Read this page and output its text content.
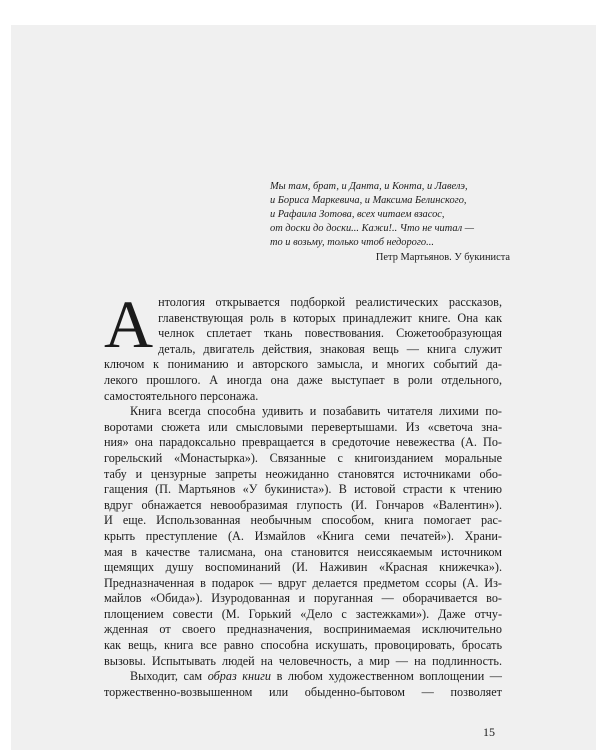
Мы там, брат, и Данта, и Конта, и Лавелэ,
и Бориса Маркевича, и Максима Белинского,
и Рафаила Зотова, всех читаем взасос,
от доски до доски... Кажи!.. Что не читал —
то и возьму, только чтоб недорого...
Петр Мартьянов. У букиниста
А нтология открывается подборкой реалистических рассказов,
главенствующая роль в которых принадлежит книге. Она как
челнок сплетает ткань повествования. Сюжетообразующая
деталь, двигатель действия, знаковая вещь — книга служит
ключом к пониманию и авторского замысла, и многих событий да-
лекого прошлого. А иногда она даже выступает в роли отдельного,
самостоятельного персонажа.
Книга всегда способна удивить и позабавить читателя лихими по-
воротами сюжета или смысловыми перевертышами. Из «светоча зна-
ния» она парадоксально превращается в средоточие невежества (А. По-
горельский «Монастырка»). Связанные с книгоизданием моральные
табу и цензурные запреты неожиданно становятся источниками обо-
гащения (П. Мартьянов «У букиниста»). В истовой страсти к чтению
вдруг обнажается невообразимая глупость (И. Гончаров «Валентин»).
И еще. Использованная необычным способом, книга помогает рас-
крыть преступление (А. Измайлов «Книга семи печатей»). Храни-
мая в качестве талисмана, она становится неиссякаемым источником
щемящих душу воспоминаний (И. Наживин «Красная книжечка»).
Предназначенная в подарок — вдруг делается предметом ссоры (А. Из-
майлов «Обида»). Изуродованная и поруганная — оборачивается во-
площением совести (М. Горький «Дело с застежками»). Даже отчу-
жденная от своего предназначения, воспринимаемая исключительно
как вещь, книга все равно способна искушать, провоцировать, бросать
вызовы. Испытывать людей на человечность, а мир — на подлинность.
Выходит, сам образ книги в любом художественном воплощении —
торжественно-возвышенном или обыденно-бытовом — позволяет
15
